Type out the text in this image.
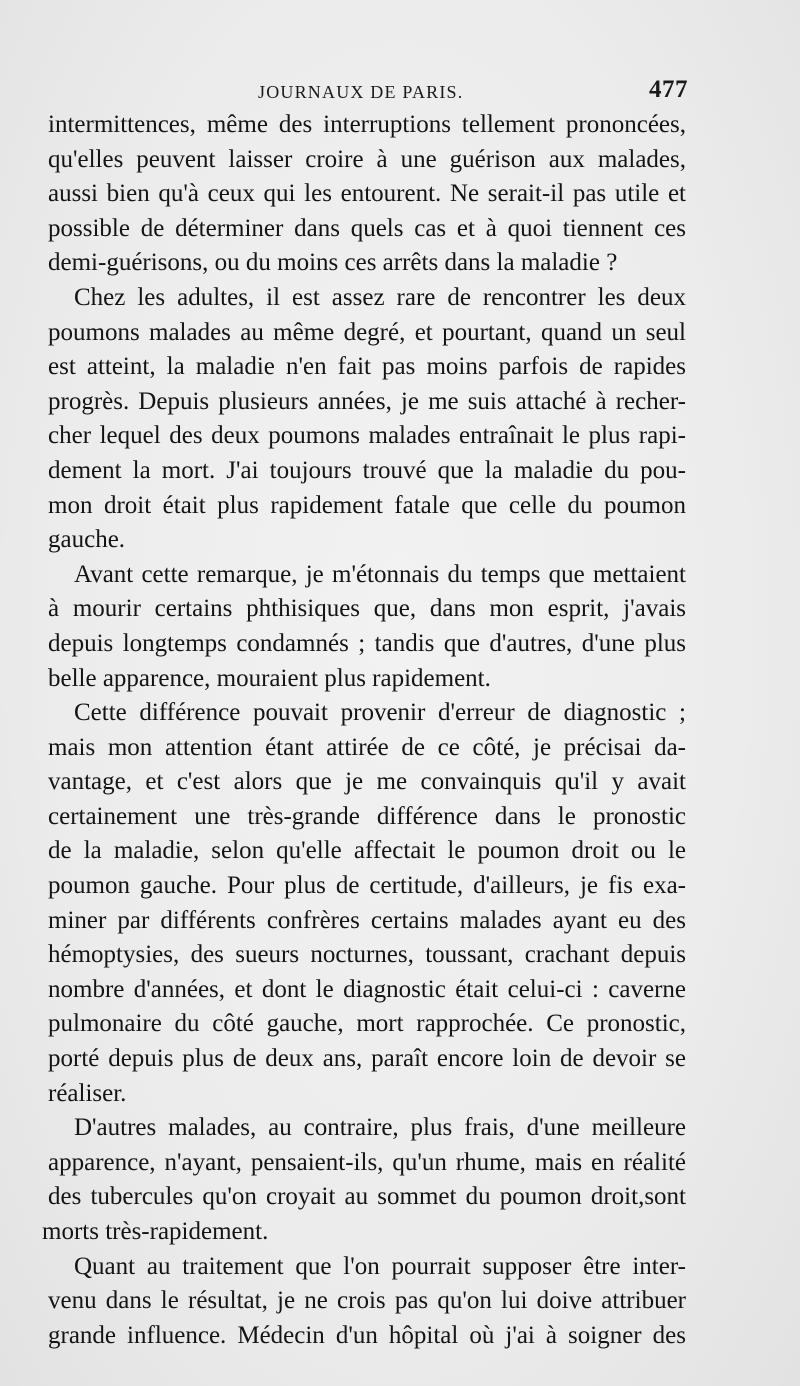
JOURNAUX DE PARIS.	477
intermittences, même des interruptions tellement prononcées,
qu'elles peuvent laisser croire à une guérison aux malades,
aussi bien qu'à ceux qui les entourent. Ne serait-il pas utile et
possible de déterminer dans quels cas et à quoi tiennent ces
demi-guérisons, ou du moins ces arrêts dans la maladie ?
Chez les adultes, il est assez rare de rencontrer les deux
poumons malades au même degré, et pourtant, quand un seul
est atteint, la maladie n'en fait pas moins parfois de rapides
progrès. Depuis plusieurs années, je me suis attaché à recher-
cher lequel des deux poumons malades entraînait le plus rapi-
dement la mort. J'ai toujours trouvé que la maladie du pou-
mon droit était plus rapidement fatale que celle du poumon
gauche.
Avant cette remarque, je m'étonnais du temps que mettaient
à mourir certains phthisiques que, dans mon esprit, j'avais
depuis longtemps condamnés ; tandis que d'autres, d'une plus
belle apparence, mouraient plus rapidement.
Cette différence pouvait provenir d'erreur de diagnostic ;
mais mon attention étant attirée de ce côté, je précisai da-
vantage, et c'est alors que je me convainquis qu'il y avait
certainement une très-grande différence dans le pronostic
de la maladie, selon qu'elle affectait le poumon droit ou le
poumon gauche. Pour plus de certitude, d'ailleurs, je fis exa-
miner par différents confrères certains malades ayant eu des
hémoptysies, des sueurs nocturnes, toussant, crachant depuis
nombre d'années, et dont le diagnostic était celui-ci : caverne
pulmonaire du côté gauche, mort rapprochée. Ce pronostic,
porté depuis plus de deux ans, paraît encore loin de devoir se
réaliser.
D'autres malades, au contraire, plus frais, d'une meilleure
apparence, n'ayant, pensaient-ils, qu'un rhume, mais en réalité
des tubercules qu'on croyait au sommet du poumon droit,sont
morts très-rapidement.
Quant au traitement que l'on pourrait supposer être inter-
venu dans le résultat, je ne crois pas qu'on lui doive attribuer
grande influence. Médecin d'un hôpital où j'ai à soigner des
